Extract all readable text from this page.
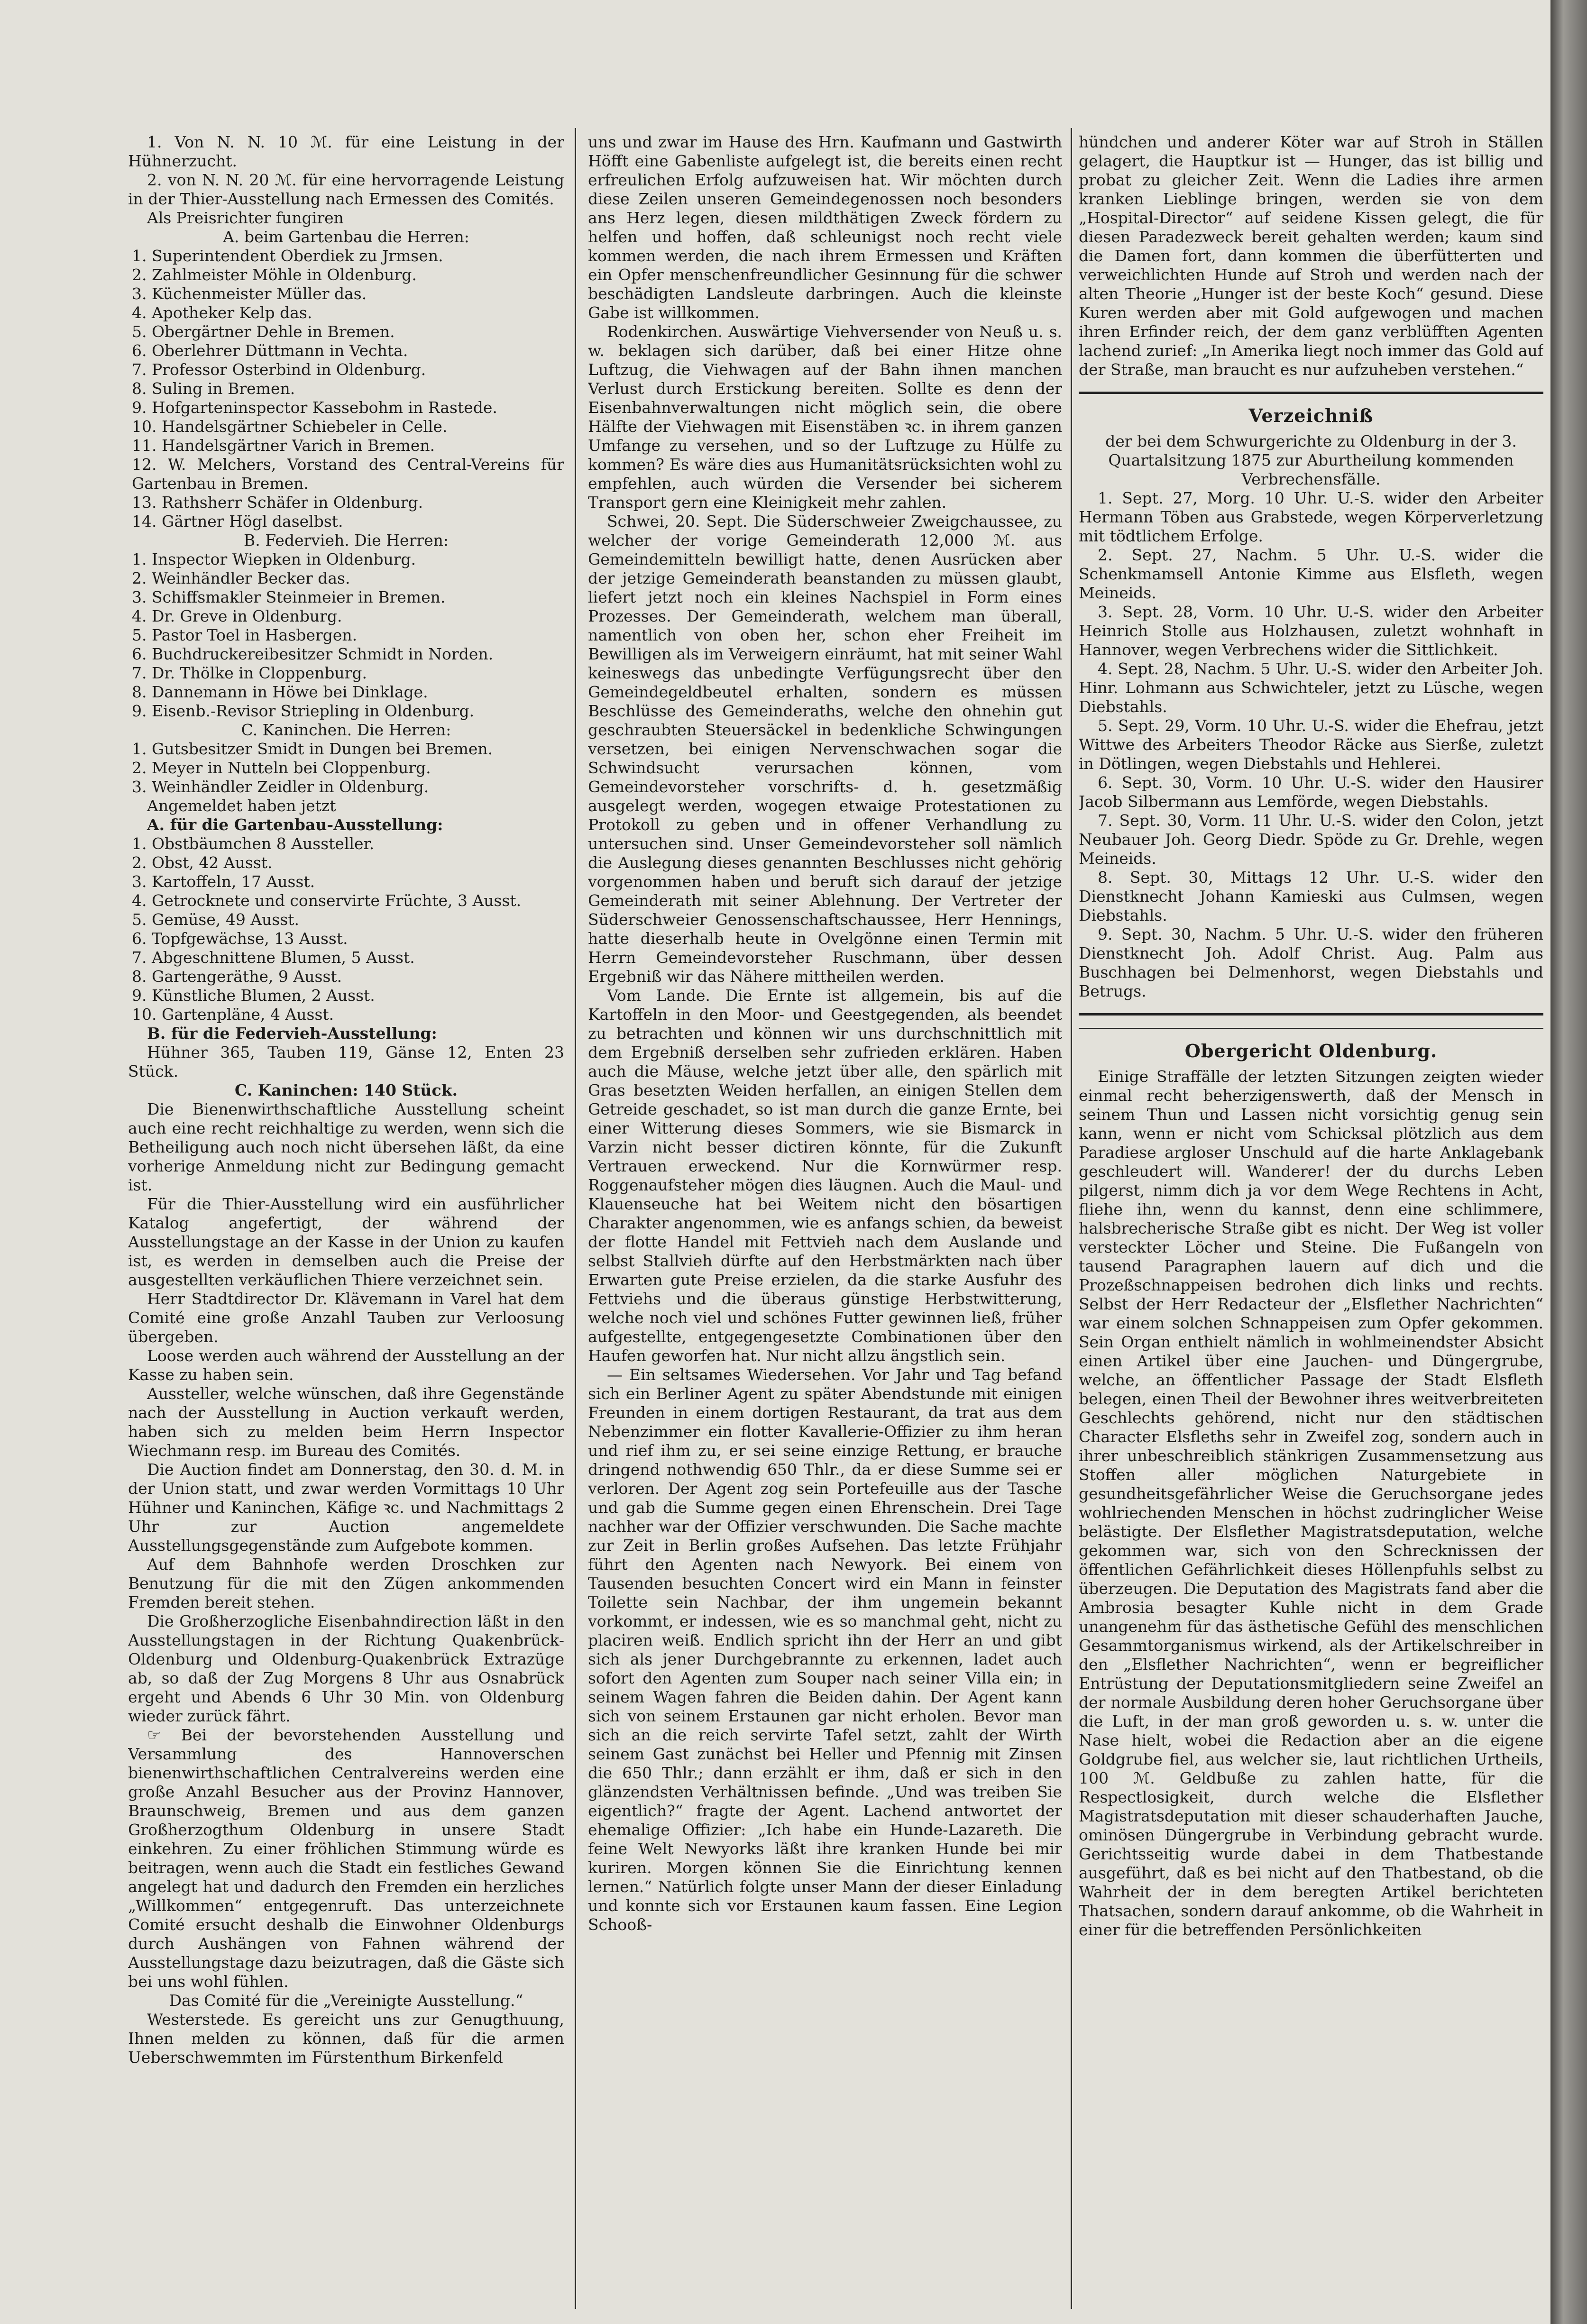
1. Von N. N. 10 ℳ. für eine Leistung in der Hühnerzucht.

2. von N. N. 20 ℳ. für eine hervorragende Leistung in der Thier-Ausstellung nach Ermessen des Comités.

Als Preisrichter fungiren

A. beim Gartenbau die Herren:

1. Superintendent Oberdiek zu Jrmsen.

2. Zahlmeister Möhle in Oldenburg.

3. Küchenmeister Müller das.

4. Apotheker Kelp das.

5. Obergärtner Dehle in Bremen.

6. Oberlehrer Düttmann in Vechta.

7. Professor Osterbind in Oldenburg.

8. Suling in Bremen.

9. Hofgarteninspector Kassebohm in Rastede.

10. Handelsgärtner Schiebeler in Celle.

11. Handelsgärtner Varich in Bremen.

12. W. Melchers, Vorstand des Central-Vereins für Gartenbau in Bremen.

13. Rathsherr Schäfer in Oldenburg.

14. Gärtner Högl daselbst.

B. Federvieh. Die Herren:

1. Inspector Wiepken in Oldenburg.

2. Weinhändler Becker das.

3. Schiffsmakler Steinmeier in Bremen.

4. Dr. Greve in Oldenburg.

5. Pastor Toel in Hasbergen.

6. Buchdruckereibesitzer Schmidt in Norden.

7. Dr. Thölke in Cloppenburg.

8. Dannemann in Höwe bei Dinklage.

9. Eisenb.-Revisor Striepling in Oldenburg.

C. Kaninchen. Die Herren:

1. Gutsbesitzer Smidt in Dungen bei Bremen.

2. Meyer in Nutteln bei Cloppenburg.

3. Weinhändler Zeidler in Oldenburg.

Angemeldet haben jetzt

A. für die Gartenbau-Ausstellung:

1. Obstbäumchen 8 Aussteller.

2. Obst, 42 Ausst.

3. Kartoffeln, 17 Ausst.

4. Getrocknete und conservirte Früchte, 3 Ausst.

5. Gemüse, 49 Ausst.

6. Topfgewächse, 13 Ausst.

7. Abgeschnittene Blumen, 5 Ausst.

8. Gartengeräthe, 9 Ausst.

9. Künstliche Blumen, 2 Ausst.

10. Gartenpläne, 4 Ausst.

B. für die Federvieh-Ausstellung:

Hühner 365, Tauben 119, Gänse 12, Enten 23 Stück.

C. Kaninchen: 140 Stück.

Die Bienenwirthschaftliche Ausstellung scheint auch eine recht reichhaltige zu werden, wenn sich die Betheiligung auch noch nicht übersehen läßt, da eine vorherige Anmeldung nicht zur Bedingung gemacht ist.

Für die Thier-Ausstellung wird ein ausführlicher Katalog angefertigt, der während der Ausstellungstage an der Kasse in der Union zu kaufen ist, es werden in demselben auch die Preise der ausgestellten verkäuflichen Thiere verzeichnet sein.

Herr Stadtdirector Dr. Klävemann in Varel hat dem Comité eine große Anzahl Tauben zur Verloosung übergeben.

Loose werden auch während der Ausstellung an der Kasse zu haben sein.

Aussteller, welche wünschen, daß ihre Gegenstände nach der Ausstellung in Auction verkauft werden, haben sich zu melden beim Herrn Inspector Wiechmann resp. im Bureau des Comités.

Die Auction findet am Donnerstag, den 30. d. M. in der Union statt, und zwar werden Vormittags 10 Uhr Hühner und Kaninchen, Käfige ꝛc. und Nachmittags 2 Uhr zur Auction angemeldete Ausstellungsgegenstände zum Aufgebote kommen.

Auf dem Bahnhofe werden Droschken zur Benutzung für die mit den Zügen ankommenden Fremden bereit stehen.

Die Großherzogliche Eisenbahndirection läßt in den Ausstellungstagen in der Richtung Quakenbrück-Oldenburg und Oldenburg-Quakenbrück Extrazüge ab, so daß der Zug Morgens 8 Uhr aus Osnabrück ergeht und Abends 6 Uhr 30 Min. von Oldenburg wieder zurück fährt.

☞ Bei der bevorstehenden Ausstellung und Versammlung des Hannoverschen bienenwirthschaftlichen Centralvereins werden eine große Anzahl Besucher aus der Provinz Hannover, Braunschweig, Bremen und aus dem ganzen Großherzogthum Oldenburg in unsere Stadt einkehren. Zu einer fröhlichen Stimmung würde es beitragen, wenn auch die Stadt ein festliches Gewand angelegt hat und dadurch den Fremden ein herzliches „Willkommen“ entgegenruft. Das unterzeichnete Comité ersucht deshalb die Einwohner Oldenburgs durch Aushängen von Fahnen während der Ausstellungstage dazu beizutragen, daß die Gäste sich bei uns wohl fühlen.

Das Comité für die „Vereinigte Ausstellung.“

Westerstede. Es gereicht uns zur Genugthuung, Ihnen melden zu können, daß für die armen Ueberschwemmten im Fürstenthum Birkenfeld

uns und zwar im Hause des Hrn. Kaufmann und Gastwirth Höfft eine Gabenliste aufgelegt ist, die bereits einen recht erfreulichen Erfolg aufzuweisen hat. Wir möchten durch diese Zeilen unseren Gemeindegenossen noch besonders ans Herz legen, diesen mildthätigen Zweck fördern zu helfen und hoffen, daß schleunigst noch recht viele kommen werden, die nach ihrem Ermessen und Kräften ein Opfer menschenfreundlicher Gesinnung für die schwer beschädigten Landsleute darbringen. Auch die kleinste Gabe ist willkommen.

Rodenkirchen. Auswärtige Viehversender von Neuß u. s. w. beklagen sich darüber, daß bei einer Hitze ohne Luftzug, die Viehwagen auf der Bahn ihnen manchen Verlust durch Erstickung bereiten. Sollte es denn der Eisenbahnverwaltungen nicht möglich sein, die obere Hälfte der Viehwagen mit Eisenstäben ꝛc. in ihrem ganzen Umfange zu versehen, und so der Luftzuge zu Hülfe zu kommen? Es wäre dies aus Humanitätsrücksichten wohl zu empfehlen, auch würden die Versender bei sicherem Transport gern eine Kleinigkeit mehr zahlen.

Schwei, 20. Sept. Die Süderschweier Zweigchaussee, zu welcher der vorige Gemeinderath 12,000 ℳ. aus Gemeindemitteln bewilligt hatte, denen Ausrücken aber der jetzige Gemeinderath beanstanden zu müssen glaubt, liefert jetzt noch ein kleines Nachspiel in Form eines Prozesses. Der Gemeinderath, welchem man überall, namentlich von oben her, schon eher Freiheit im Bewilligen als im Verweigern einräumt, hat mit seiner Wahl keineswegs das unbedingte Verfügungsrecht über den Gemeindegeldbeutel erhalten, sondern es müssen Beschlüsse des Gemeinderaths, welche den ohnehin gut geschraubten Steuersäckel in bedenkliche Schwingungen versetzen, bei einigen Nervenschwachen sogar die Schwindsucht verursachen können, vom Gemeindevorsteher vorschrifts- d. h. gesetzmäßig ausgelegt werden, wogegen etwaige Protestationen zu Protokoll zu geben und in offener Verhandlung zu untersuchen sind. Unser Gemeindevorsteher soll nämlich die Auslegung dieses genannten Beschlusses nicht gehörig vorgenommen haben und beruft sich darauf der jetzige Gemeinderath mit seiner Ablehnung. Der Vertreter der Süderschweier Genossenschaftschaussee, Herr Hennings, hatte dieserhalb heute in Ovelgönne einen Termin mit Herrn Gemeindevorsteher Ruschmann, über dessen Ergebniß wir das Nähere mittheilen werden.

Vom Lande. Die Ernte ist allgemein, bis auf die Kartoffeln in den Moor- und Geestgegenden, als beendet zu betrachten und können wir uns durchschnittlich mit dem Ergebniß derselben sehr zufrieden erklären. Haben auch die Mäuse, welche jetzt über alle, den spärlich mit Gras besetzten Weiden herfallen, an einigen Stellen dem Getreide geschadet, so ist man durch die ganze Ernte, bei einer Witterung dieses Sommers, wie sie Bismarck in Varzin nicht besser dictiren könnte, für die Zukunft Vertrauen erweckend. Nur die Kornwürmer resp. Roggenaufsteher mögen dies läugnen. Auch die Maul- und Klauenseuche hat bei Weitem nicht den bösartigen Charakter angenommen, wie es anfangs schien, da beweist der flotte Handel mit Fettvieh nach dem Auslande und selbst Stallvieh dürfte auf den Herbstmärkten nach über Erwarten gute Preise erzielen, da die starke Ausfuhr des Fettviehs und die überaus günstige Herbstwitterung, welche noch viel und schönes Futter gewinnen ließ, früher aufgestellte, entgegengesetzte Combinationen über den Haufen geworfen hat. Nur nicht allzu ängstlich sein.

— Ein seltsames Wiedersehen. Vor Jahr und Tag befand sich ein Berliner Agent zu später Abendstunde mit einigen Freunden in einem dortigen Restaurant, da trat aus dem Nebenzimmer ein flotter Kavallerie-Offizier zu ihm heran und rief ihm zu, er sei seine einzige Rettung, er brauche dringend nothwendig 650 Thlr., da er diese Summe sei er verloren. Der Agent zog sein Portefeuille aus der Tasche und gab die Summe gegen einen Ehrenschein. Drei Tage nachher war der Offizier verschwunden. Die Sache machte zur Zeit in Berlin großes Aufsehen. Das letzte Frühjahr führt den Agenten nach Newyork. Bei einem von Tausenden besuchten Concert wird ein Mann in feinster Toilette sein Nachbar, der ihm ungemein bekannt vorkommt, er indessen, wie es so manchmal geht, nicht zu placiren weiß. Endlich spricht ihn der Herr an und gibt sich als jener Durchgebrannte zu erkennen, ladet auch sofort den Agenten zum Souper nach seiner Villa ein; in seinem Wagen fahren die Beiden dahin. Der Agent kann sich von seinem Erstaunen gar nicht erholen. Bevor man sich an die reich servirte Tafel setzt, zahlt der Wirth seinem Gast zunächst bei Heller und Pfennig mit Zinsen die 650 Thlr.; dann erzählt er ihm, daß er sich in den glänzendsten Verhältnissen befinde. „Und was treiben Sie eigentlich?“ fragte der Agent. Lachend antwortet der ehemalige Offizier: „Ich habe ein Hunde-Lazareth. Die feine Welt Newyorks läßt ihre kranken Hunde bei mir kuriren. Morgen können Sie die Einrichtung kennen lernen.“ Natürlich folgte unser Mann der dieser Einladung und konnte sich vor Erstaunen kaum fassen. Eine Legion Schooß-

hündchen und anderer Köter war auf Stroh in Ställen gelagert, die Hauptkur ist — Hunger, das ist billig und probat zu gleicher Zeit. Wenn die Ladies ihre armen kranken Lieblinge bringen, werden sie von dem „Hospital-Director“ auf seidene Kissen gelegt, die für diesen Paradezweck bereit gehalten werden; kaum sind die Damen fort, dann kommen die überfütterten und verweichlichten Hunde auf Stroh und werden nach der alten Theorie „Hunger ist der beste Koch“ gesund. Diese Kuren werden aber mit Gold aufgewogen und machen ihren Erfinder reich, der dem ganz verblüfften Agenten lachend zurief: „In Amerika liegt noch immer das Gold auf der Straße, man braucht es nur aufzuheben verstehen.“

Verzeichniß

der bei dem Schwurgerichte zu Oldenburg in der 3. Quartalsitzung 1875 zur Aburtheilung kommenden Verbrechensfälle.

1. Sept. 27, Morg. 10 Uhr. U.-S. wider den Arbeiter Hermann Töben aus Grabstede, wegen Körperverletzung mit tödtlichem Erfolge.

2. Sept. 27, Nachm. 5 Uhr. U.-S. wider die Schenkmamsell Antonie Kimme aus Elsfleth, wegen Meineids.

3. Sept. 28, Vorm. 10 Uhr. U.-S. wider den Arbeiter Heinrich Stolle aus Holzhausen, zuletzt wohnhaft in Hannover, wegen Verbrechens wider die Sittlichkeit.

4. Sept. 28, Nachm. 5 Uhr. U.-S. wider den Arbeiter Joh. Hinr. Lohmann aus Schwichteler, jetzt zu Lüsche, wegen Diebstahls.

5. Sept. 29, Vorm. 10 Uhr. U.-S. wider die Ehefrau, jetzt Wittwe des Arbeiters Theodor Räcke aus Sierße, zuletzt in Dötlingen, wegen Diebstahls und Hehlerei.

6. Sept. 30, Vorm. 10 Uhr. U.-S. wider den Hausirer Jacob Silbermann aus Lemförde, wegen Diebstahls.

7. Sept. 30, Vorm. 11 Uhr. U.-S. wider den Colon, jetzt Neubauer Joh. Georg Diedr. Spöde zu Gr. Drehle, wegen Meineids.

8. Sept. 30, Mittags 12 Uhr. U.-S. wider den Dienstknecht Johann Kamieski aus Culmsen, wegen Diebstahls.

9. Sept. 30, Nachm. 5 Uhr. U.-S. wider den früheren Dienstknecht Joh. Adolf Christ. Aug. Palm aus Buschhagen bei Delmenhorst, wegen Diebstahls und Betrugs.

Obergericht Oldenburg.

Einige Straffälle der letzten Sitzungen zeigten wieder einmal recht beherzigenswerth, daß der Mensch in seinem Thun und Lassen nicht vorsichtig genug sein kann, wenn er nicht vom Schicksal plötzlich aus dem Paradiese argloser Unschuld auf die harte Anklagebank geschleudert will. Wanderer! der du durchs Leben pilgerst, nimm dich ja vor dem Wege Rechtens in Acht, fliehe ihn, wenn du kannst, denn eine schlimmere, halsbrecherische Straße gibt es nicht. Der Weg ist voller versteckter Löcher und Steine. Die Fußangeln von tausend Paragraphen lauern auf dich und die Prozeßschnappeisen bedrohen dich links und rechts. Selbst der Herr Redacteur der „Elsflether Nachrichten“ war einem solchen Schnappeisen zum Opfer gekommen. Sein Organ enthielt nämlich in wohlmeinendster Absicht einen Artikel über eine Jauchen- und Düngergrube, welche, an öffentlicher Passage der Stadt Elsfleth belegen, einen Theil der Bewohner ihres weitverbreiteten Geschlechts gehörend, nicht nur den städtischen Character Elsfleths sehr in Zweifel zog, sondern auch in ihrer unbeschreiblich stänkrigen Zusammensetzung aus Stoffen aller möglichen Naturgebiete in gesundheitsgefährlicher Weise die Geruchsorgane jedes wohlriechenden Menschen in höchst zudringlicher Weise belästigte. Der Elsflether Magistratsdeputation, welche gekommen war, sich von den Schrecknissen der öffentlichen Gefährlichkeit dieses Höllenpfuhls selbst zu überzeugen. Die Deputation des Magistrats fand aber die Ambrosia besagter Kuhle nicht in dem Grade unangenehm für das ästhetische Gefühl des menschlichen Gesammtorganismus wirkend, als der Artikelschreiber in den „Elsflether Nachrichten“, wenn er begreiflicher Entrüstung der Deputationsmitgliedern seine Zweifel an der normale Ausbildung deren hoher Geruchsorgane über die Luft, in der man groß geworden u. s. w. unter die Nase hielt, wobei die Redaction aber an die eigene Goldgrube fiel, aus welcher sie, laut richtlichen Urtheils, 100 ℳ. Geldbuße zu zahlen hatte, für die Respectlosigkeit, durch welche die Elsflether Magistratsdeputation mit dieser schauderhaften Jauche, ominösen Düngergrube in Verbindung gebracht wurde. Gerichtsseitig wurde dabei in dem Thatbestande ausgeführt, daß es bei nicht auf den Thatbestand, ob die Wahrheit der in dem beregten Artikel berichteten Thatsachen, sondern darauf ankomme, ob die Wahrheit in einer für die betreffenden Persönlichkeiten
